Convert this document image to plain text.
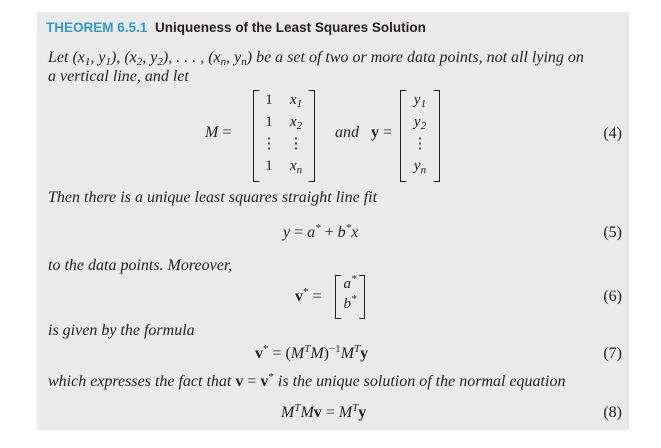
THEOREM 6.5.1 Uniqueness of the Least Squares Solution
Let ($x_1$, $y_1$), ($x_2$, $y_2$), . . . , ($x_n$, $y_n$) be a set of two or more data points, not all lying on
a vertical line, and let
M =
1	$x_1$
1	$x_2$
⋮ ⋮
1	$x_n$
and y =
$y_1$
$y_2$
⋮
$y_n$
(4)
Then there is a unique least squares straight line fit
y = a* + b*x	(5)
to the data points. Moreover,
v* =
a*
b*	(6)
is given by the formula
$v^* = (M^TM)^{-1}M^Ty$	(7)
which expresses the fact that v = v* is the unique solution of the normal equation
$M^TMv = M^Ty$	(8)
